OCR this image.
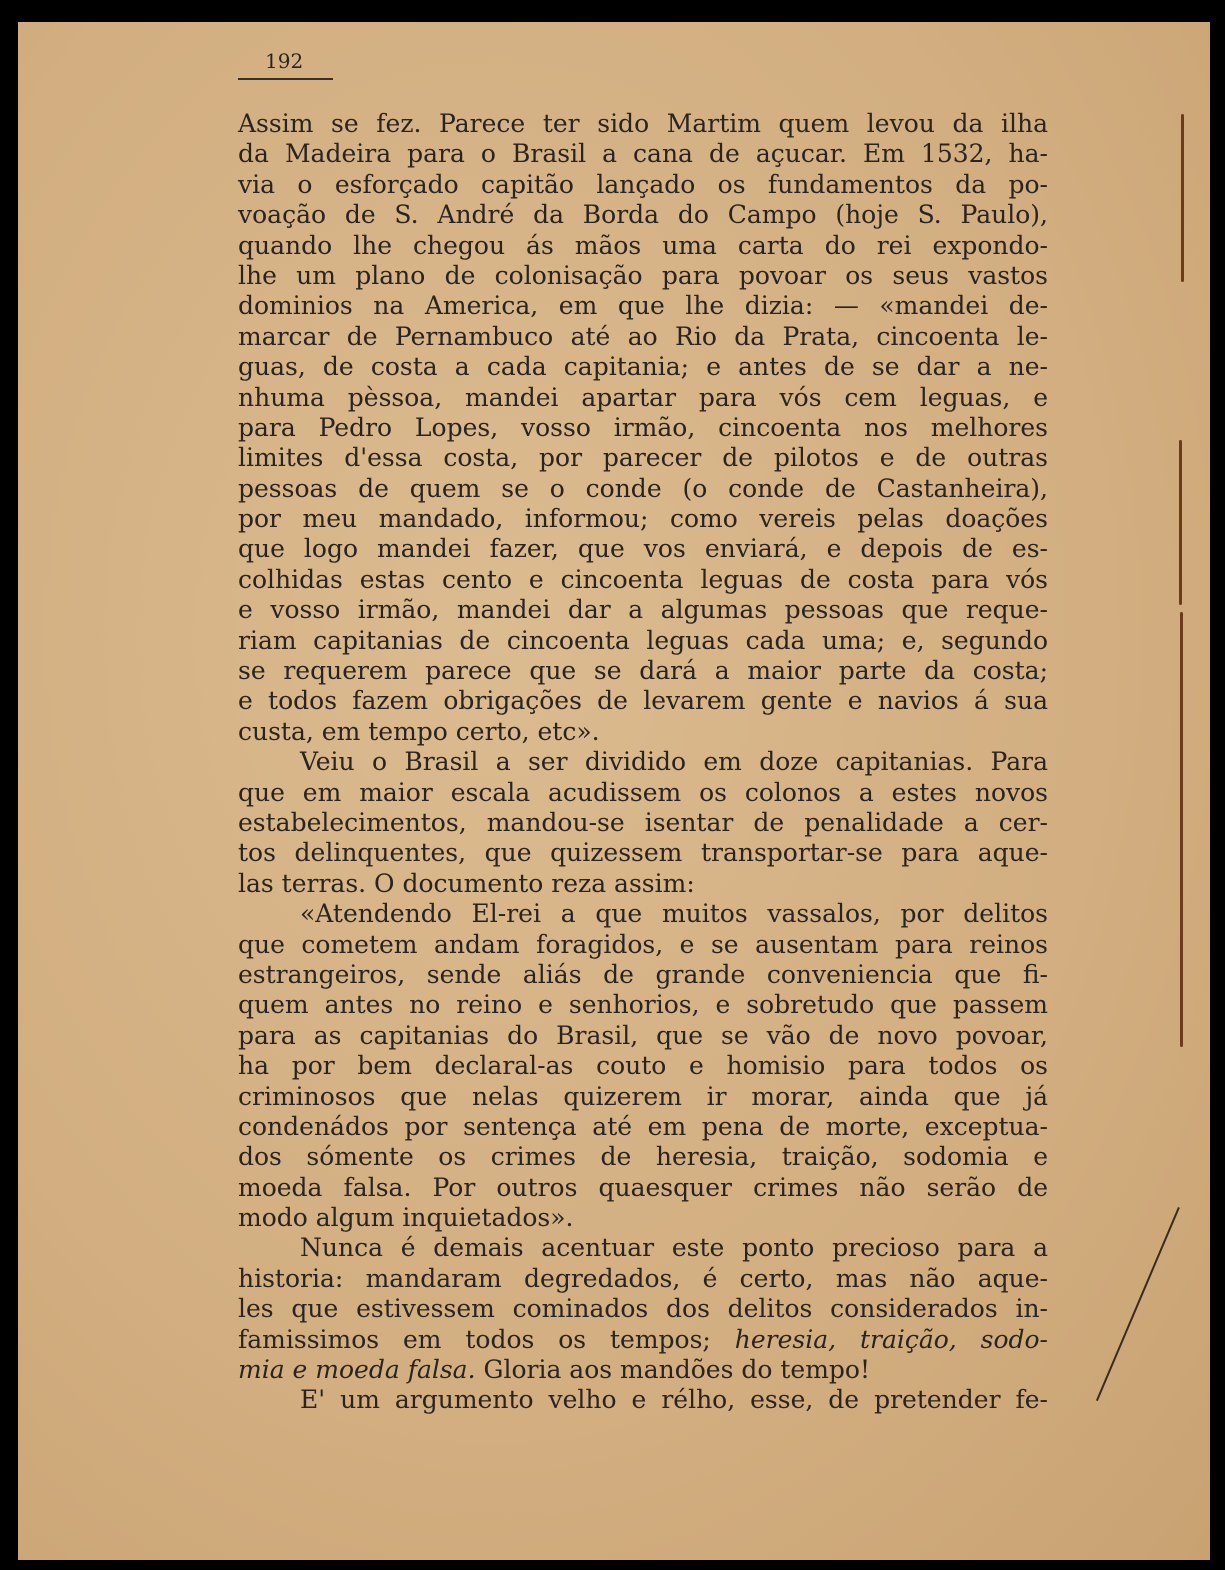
192
Assim se fez. Parece ter sido Martim quem levou da ilha
da Madeira para o Brasil a cana de açucar. Em 1532, ha-
via o esforçado capitão lançado os fundamentos da po-
voação de S. André da Borda do Campo (hoje S. Paulo),
quando lhe chegou ás mãos uma carta do rei expondo-
lhe um plano de colonisação para povoar os seus vastos
dominios na America, em que lhe dizia: — «mandei de-
marcar de Pernambuco até ao Rio da Prata, cincoenta le-
guas, de costa a cada capitania; e antes de se dar a ne-
nhuma pèssoa, mandei apartar para vós cem leguas, e
para Pedro Lopes, vosso irmão, cincoenta nos melhores
limites d'essa costa, por parecer de pilotos e de outras
pessoas de quem se o conde (o conde de Castanheira),
por meu mandado, informou; como vereis pelas doações
que logo mandei fazer, que vos enviará, e depois de es-
colhidas estas cento e cincoenta leguas de costa para vós
e vosso irmão, mandei dar a algumas pessoas que reque-
riam capitanias de cincoenta leguas cada uma; e, segundo
se requerem parece que se dará a maior parte da costa;
e todos fazem obrigações de levarem gente e navios á sua
custa, em tempo certo, etc».
Veiu o Brasil a ser dividido em doze capitanias. Para
que em maior escala acudissem os colonos a estes novos
estabelecimentos, mandou-se isentar de penalidade a cer-
tos delinquentes, que quizessem transportar-se para aque-
las terras. O documento reza assim:
«Atendendo El-rei a que muitos vassalos, por delitos
que cometem andam foragidos, e se ausentam para reinos
estrangeiros, sende aliás de grande conveniencia que fi-
quem antes no reino e senhorios, e sobretudo que passem
para as capitanias do Brasil, que se vão de novo povoar,
ha por bem declaral-as couto e homisio para todos os
criminosos que nelas quizerem ir morar, ainda que já
condenádos por sentença até em pena de morte, exceptua-
dos sómente os crimes de heresia, traição, sodomia e
moeda falsa. Por outros quaesquer crimes não serão de
modo algum inquietados».
Nunca é demais acentuar este ponto precioso para a
historia: mandaram degredados, é certo, mas não aque-
les que estivessem cominados dos delitos considerados in-
famissimos em todos os tempos; heresia, traição, sodo-
mia e moeda falsa. Gloria aos mandões do tempo!
E' um argumento velho e rélho, esse, de pretender fe-
